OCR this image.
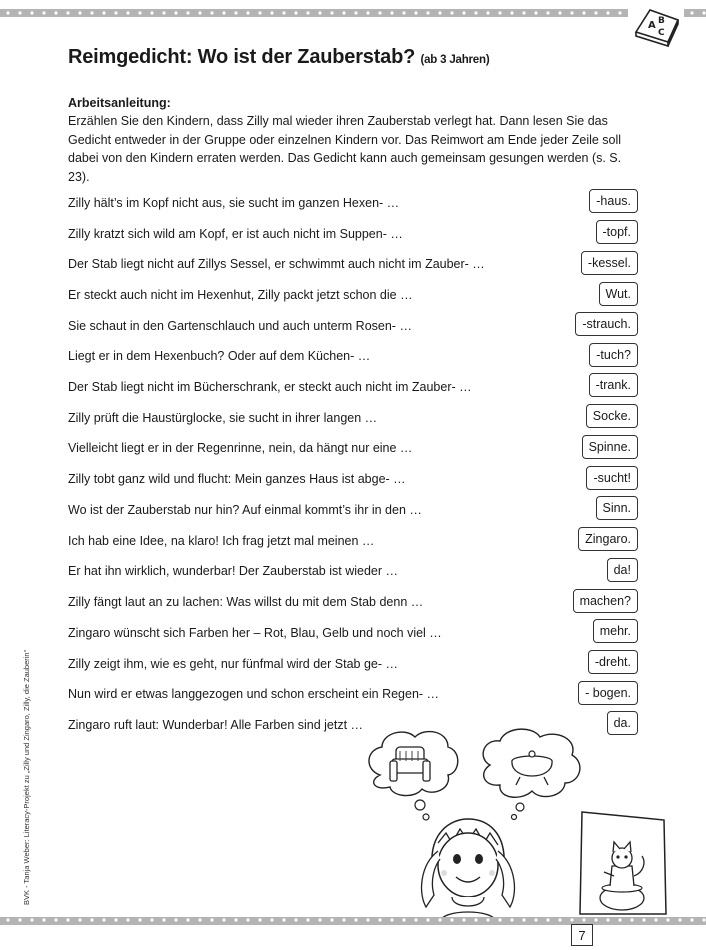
A B
C
Reimgedicht: Wo ist der Zauberstab? (ab 3 Jahren)
Arbeitsanleitung:
Erzählen Sie den Kindern, dass Zilly mal wieder ihren Zauberstab verlegt hat. Dann lesen Sie das Gedicht entweder in der Gruppe oder einzelnen Kindern vor. Das Reimwort am Ende jeder Zeile soll dabei von den Kindern erraten werden. Das Gedicht kann auch gemeinsam gesungen werden (s. S. 23).
Zilly hält’s im Kopf nicht aus, sie sucht im ganzen Hexen- …	-haus.
Zilly kratzt sich wild am Kopf, er ist auch nicht im Suppen- …	-topf.
Der Stab liegt nicht auf Zillys Sessel, er schwimmt auch nicht im Zauber- …	-kessel.
Er steckt auch nicht im Hexenhut, Zilly packt jetzt schon die …	Wut.
Sie schaut in den Gartenschlauch und auch unterm Rosen- …	-strauch.
Liegt er in dem Hexenbuch? Oder auf dem Küchen- …	-tuch?
Der Stab liegt nicht im Bücherschrank, er steckt auch nicht im Zauber- …	-trank.
Zilly prüft die Haustürglocke, sie sucht in ihrer langen …	Socke.
Vielleicht liegt er in der Regenrinne, nein, da hängt nur eine …	Spinne.
Zilly tobt ganz wild und flucht: Mein ganzes Haus ist abge- …	-sucht!
Wo ist der Zauberstab nur hin? Auf einmal kommt’s ihr in den …	Sinn.
Ich hab eine Idee, na klaro! Ich frag jetzt mal meinen …	Zingaro.
Er hat ihn wirklich, wunderbar! Der Zauberstab ist wieder …	da!
Zilly fängt laut an zu lachen: Was willst du mit dem Stab denn …	machen?
Zingaro wünscht sich Farben her – Rot, Blau, Gelb und noch viel …	mehr.
Zilly zeigt ihm, wie es geht, nur fünfmal wird der Stab ge- …	-dreht.
Nun wird er etwas langgezogen und schon erscheint ein Regen- …	- bogen.
Zingaro ruft laut: Wunderbar! Alle Farben sind jetzt …	da.
BVK - Tanja Weber: Literacy-Projekt zu „Zilly und Zingaro, Zilly, die Zauberin“
7
